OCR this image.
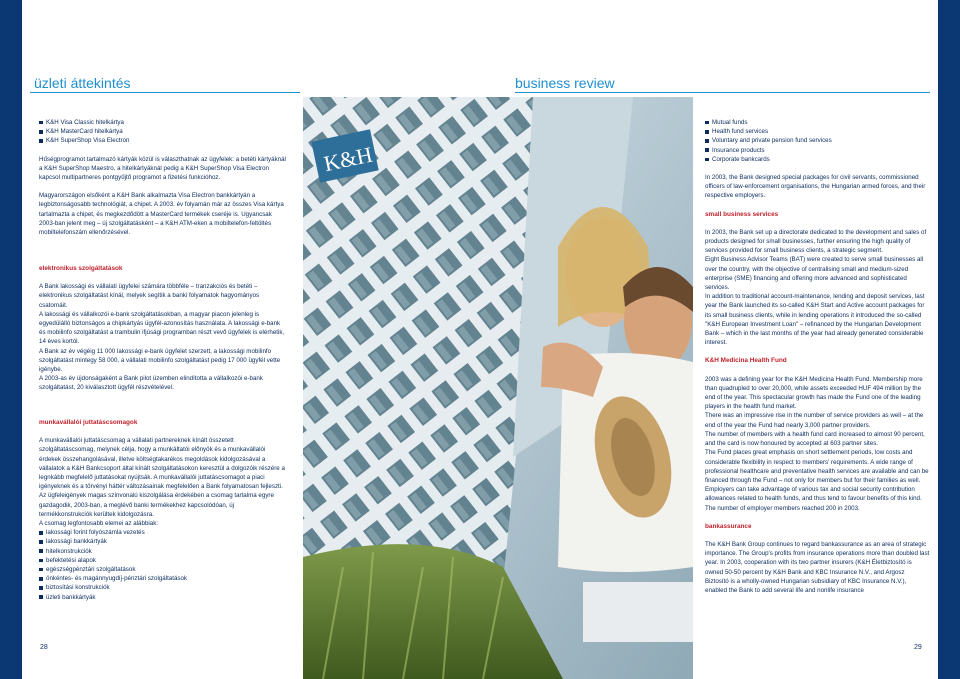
üzleti áttekintés	business review
K&H Visa Classic hitelkártya
K&H MasterCard hitelkártya
K&H SuperShop Visa Electron
Hűségprogramot tartalmazó kártyák közül is választhatnak az ügyfelek: a betéti kártyáknál a K&H SuperShop Maestro, a hitelkártyáknál pedig a K&H SuperShop Visa Electron kapcsol multipartneres pontgyűjtő programot a fizetési funkcióhoz.
Magyarországon elsőként a K&H Bank alkalmazta Visa Electron bankkártyán a legbiztonságosabb technológiát, a chipet. A 2003. év folyamán már az összes Visa kártya tartalmazta a chipet, és megkezdődött a MasterCard termékek cseréje is. Ugyancsak 2003-ban jelent meg – új szolgáltatásként – a K&H ATM-eken a mobiltelefon-feltöltés mobiltelefonszám ellenőrzésével.
elektronikus szolgáltatások
A Bank lakossági és vállalati ügyfelei számára többféle – tranzakciós és betéti – elektronikus szolgáltatást kínál, melyek segítik a banki folyamatok hagyományos csatornáit.
A lakossági és vállalkozói e-bank szolgáltatásokban, a magyar piacon jelenleg is egyedülálló biztonságos a chipkártyás ügyfél-azonosítás használata. A lakossági e-bank és mobilinfo szolgáltatást a trambulin ifjúsági programban részt vevő ügyfelek is elérhetik, 14 éves kortól.
A Bank az év végéig 11 000 lakossági e-bank ügyfelet szerzett, a lakossági mobilinfo szolgáltatást mintegy 58 000, a vállalati mobilinfo szolgáltatást pedig 17 000 ügyfél vette igénybe.
A 2003-as év újdonságaként a Bank pilot üzemben elindította a vállalkozói e-bank szolgáltatást, 20 kiválasztott ügyfél részvételével.
munkavállalói juttatáscsomagok
A munkavállalói juttatáscsomag a vállalati partnereknek kínált összetett szolgáltatáscsomag, melynek célja, hogy a munkáltatói előnyök és a munkavállalói érdekek összehangolásával, illetve költségtakarékos megoldások kidolgozásával a vállalatok a K&H Bankcsoport által kínált szolgáltatásokon keresztül a dolgozóik részére a legnkább megfelelő juttatásokat nyújtsák. A munkavállalói juttatáscsomagot a piaci igényeknek és a törvényi háttér változásainak megfelelően a Bank folyamatosan fejleszti. Az ügfeleigények magas színvonalú kiszolgálása érdekében a csomag tartalma egyre gazdagodik, 2003-ban, a meglévő banki termékekhez kapcsolódóan, új termékkonstrukciók kerültek kidolgozásra.
A csomag legfontosabb elemei az alábbiak:
lakossági forint folyószámla vezetés
lakossági bankkártyák
hitelkonstrukciók
befektetési alapok
egészségpénztári szolgáltatások
önkéntes- és magánnyugdíj-pénztári szolgáltatások
biztosítási konstrukciók
üzleti bankkártyák
28
K&H
Mutual funds
Health fund services
Voluntary and private pension fund services
Insurance products
Corporate bankcards
In 2003, the Bank designed special packages for civil servants, commissioned officers of law-enforcement organisations, the Hungarian armed forces, and their respective employers.
small business services
In 2003, the Bank set up a directorate dedicated to the development and sales of products designed for small businesses, further ensuring the high quality of services provided for small business clients, a strategic segment.
Eight Business Advisor Teams (BAT) were created to serve small businesses all over the country, with the objective of centralising small and medium-sized enterprise (SME) financing and offering more advanced and sophisticated services.
In addition to traditional account-maintenance, lending and deposit services, last year the Bank launched its so-called K&H Start and Active account packages for its small business clients, while in lending operations it introduced the so-called "K&H European Investment Loan" – refinanced by the Hungarian Development Bank – which in the last months of the year had already generated considerable interest.
K&H Medicina Health Fund
2003 was a defining year for the K&H Medicina Health Fund. Membership more than quadrupled to over 20,000, while assets exceeded HUF 494 million by the end of the year. This spectacular growth has made the Fund one of the leading players in the health fund market.
There was an impressive rise in the number of service providers as well – at the end of the year the Fund had nearly 3,000 partner providers.
The number of members with a health fund card increased to almost 90 percent, and the card is now honoured by accepted at 603 partner sites.
The Fund places great emphasis on short settlement periods, low costs and considerable flexibility in respect to members' requirements. A wide range of professional healthcare and preventative health services are available and can be financed through the Fund – not only for members but for their families as well.
Employers can take advantage of various tax and social security contribution allowances related to health funds, and thus tend to favour benefits of this kind. The number of employer members reached 200 in 2003.
bankassurance
The K&H Bank Group continues to regard bankassurance as an area of strategic importance. The Group's profits from insurance operations more than doubled last year. In 2003, cooperation with its two partner insurers (K&H Életbiztosító is owned 50-50 percent by K&H Bank and KBC Insurance N.V., and Argosz Biztosító is a wholly-owned Hungarian subsidiary of KBC Insurance N.V.), enabled the Bank to add several life and nonlife insurance
29
